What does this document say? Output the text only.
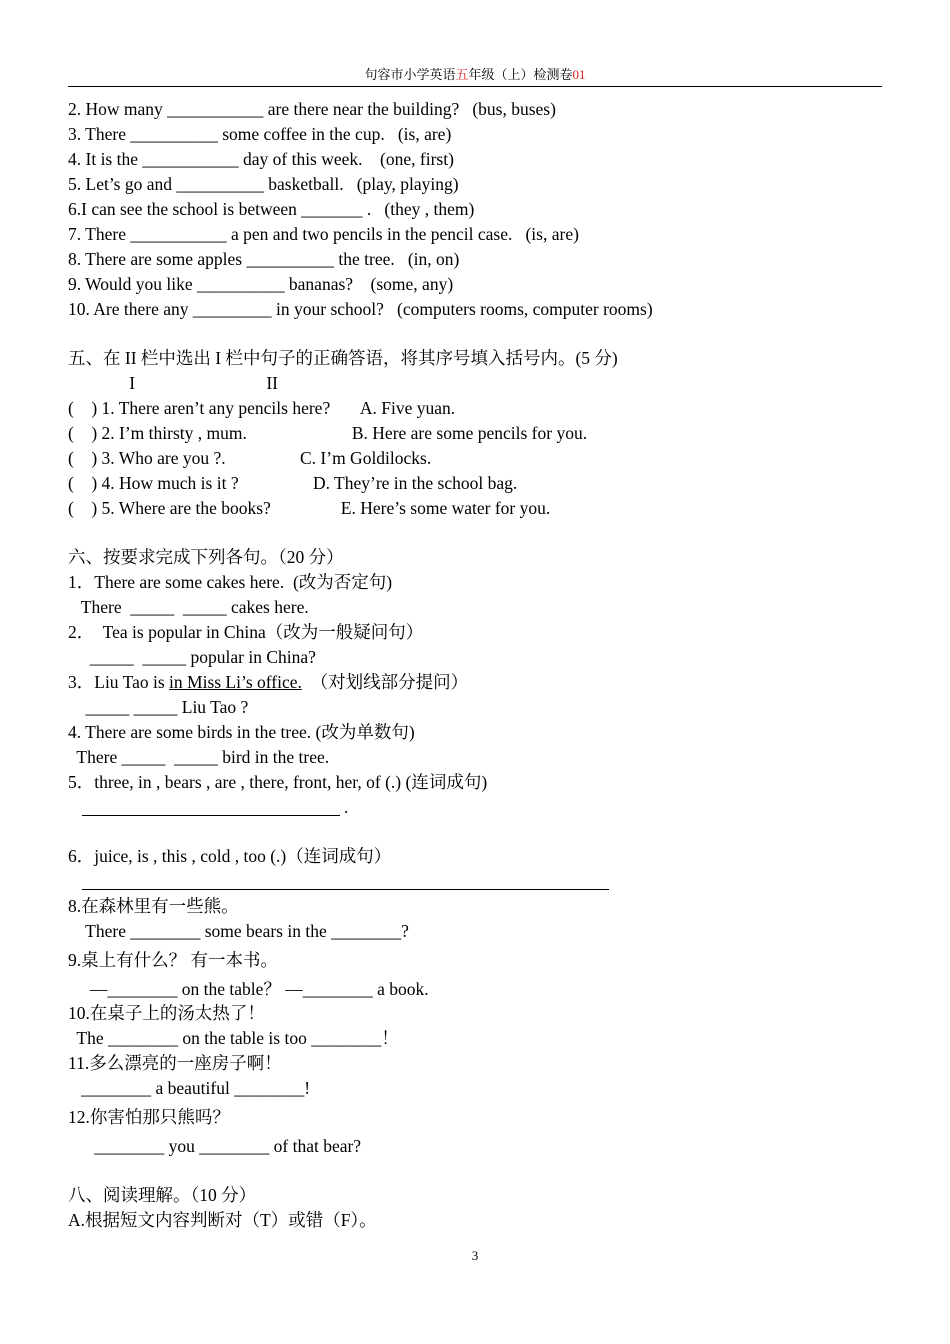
句容市小学英语五年级（上）检测卷01
2. How many ___________ are there near the building?   (bus, buses)
3. There __________ some coffee in the cup.   (is, are)
4. It is the ___________ day of this week.    (one, first)
5. Let’s go and __________ basketball.   (play, playing)
6.I can see the school is between _______ .   (they , them)
7. There ___________ a pen and two pencils in the pencil case.   (is, are)
8. There are some apples __________ the tree.   (in, on)
9. Would you like __________ bananas?    (some, any)
10. Are there any _________ in your school?   (computers rooms, computer rooms)
五、在 II 栏中选出 I 栏中句子的正确答语，将其序号填入括号内。(5 分)
I                              II
(    ) 1. There aren’t any pencils here?       A. Five yuan.
(    ) 2. I’m thirsty , mum.                        B. Here are some pencils for you.
(    ) 3. Who are you ?.                 C. I’m Goldilocks.
(    ) 4. How much is it ?                 D. They’re in the school bag.
(    ) 5. Where are the books?                E. Here’s some water for you.
六、按要求完成下列各句。（20 分）
1．There are some cakes here.  (改为否定句)
There  _____  _____ cakes here.
2．  Tea is popular in China（改为一般疑问句）
_____  _____ popular in China?
3．Liu Tao is in Miss Li’s office.  （对划线部分提问）
_____ _____ Liu Tao ?
4. There are some birds in the tree. (改为单数句)
There _____  _____ bird in the tree.
5．three, in , bears , are , there, front, her, of (.) (连词成句)
.
6．juice, is , this , cold , too (.)（连词成句）
8.在森林里有一些熊。
There ________ some bears in the ________?
9.桌上有什么？ 有一本书。
—________ on the table？ —________ a book.
10.在桌子上的汤太热了！
The ________ on the table is too ________！
11.多么漂亮的一座房子啊！
________ a beautiful ________!
12.你害怕那只熊吗？
________ you ________ of that bear?
八、阅读理解。（10 分）
A.根据短文内容判断对（T）或错（F）。
3
